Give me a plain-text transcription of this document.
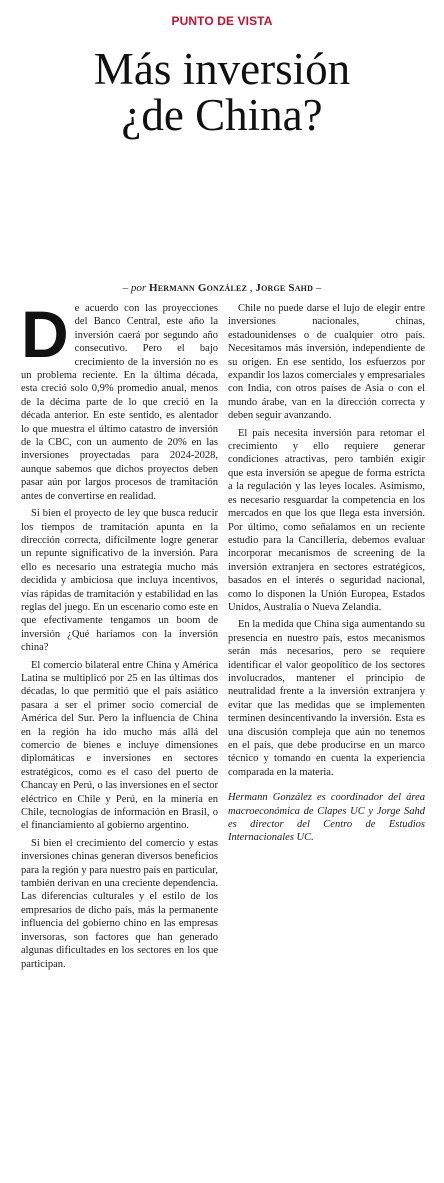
PUNTO DE VISTA
Más inversión
¿de China?
– por Hermann González , Jorge Sahd –

De acuerdo con las proyecciones del Banco Central, este año la inversión caerá por segundo año consecutivo. Pero el bajo crecimiento de la inversión no es un problema reciente. En la última década, esta creció solo 0,9% promedio anual, menos de la décima parte de lo que creció en la década anterior. En este sentido, es alentador lo que muestra el último catastro de inversión de la CBC, con un aumento de 20% en las inversiones proyectadas para 2024-2028, aunque sabemos que dichos proyectos deben pasar aún por largos procesos de tramitación antes de convertirse en realidad.

Si bien el proyecto de ley que busca reducir los tiempos de tramitación apunta en la dirección correcta, difícilmente logre generar un repunte significativo de la inversión. Para ello es necesario una estrategia mucho más decidida y ambiciosa que incluya incentivos, vías rápidas de tramitación y estabilidad en las reglas del juego. En un escenario como este en que efectivamente tengamos un boom de inversión ¿Qué haríamos con la inversión china?

El comercio bilateral entre China y América Latina se multiplicó por 25 en las últimas dos décadas, lo que permitió que el país asiático pasara a ser el primer socio comercial de América del Sur. Pero la influencia de China en la región ha ido mucho más allá del comercio de bienes e incluye dimensiones diplomáticas e inversiones en sectores estratégicos, como es el caso del puerto de Chancay en Perú, o las inversiones en el sector eléctrico en Chile y Perú, en la minería en Chile, tecnologías de información en Brasil, o el financiamiento al gobierno argentino.

Si bien el crecimiento del comercio y estas inversiones chinas generan diversos beneficios para la región y para nuestro país en particular, también derivan en una creciente dependencia. Las diferencias culturales y el estilo de los empresarios de dicho país, más la permanente influencia del gobierno chino en las empresas inversoras, son factores que han generado algunas dificultades en los sectores en los que participan.

Chile no puede darse el lujo de elegir entre inversiones nacionales, chinas, estadounidenses o de cualquier otro país. Necesitamos más inversión, independiente de su origen. En ese sentido, los esfuerzos por expandir los lazos comerciales y empresariales con India, con otros países de Asia o con el mundo árabe, van en la dirección correcta y deben seguir avanzando.

El país necesita inversión para retomar el crecimiento y ello requiere generar condiciones atractivas, pero también exigir que esta inversión se apegue de forma estricta a la regulación y las leyes locales. Asimismo, es necesario resguardar la competencia en los mercados en que los que llega esta inversión. Por último, como señalamos en un reciente estudio para la Cancillería, debemos evaluar incorporar mecanismos de screening de la inversión extranjera en sectores estratégicos, basados en el interés o seguridad nacional, como lo disponen la Unión Europea, Estados Unidos, Australia o Nueva Zelandia.

En la medida que China siga aumentando su presencia en nuestro país, estos mecanismos serán más necesarios, pero se requiere identificar el valor geopolítico de los sectores involucrados, mantener el principio de neutralidad frente a la inversión extranjera y evitar que las medidas que se implementen terminen desincentivando la inversión. Esta es una discusión compleja que aún no tenemos en el país, que debe producirse en un marco técnico y tomando en cuenta la experiencia comparada en la materia.

Hermann González es coordinador del área macroeconómica de Clapes UC y Jorge Sahd es director del Centro de Estudios Internacionales UC.
